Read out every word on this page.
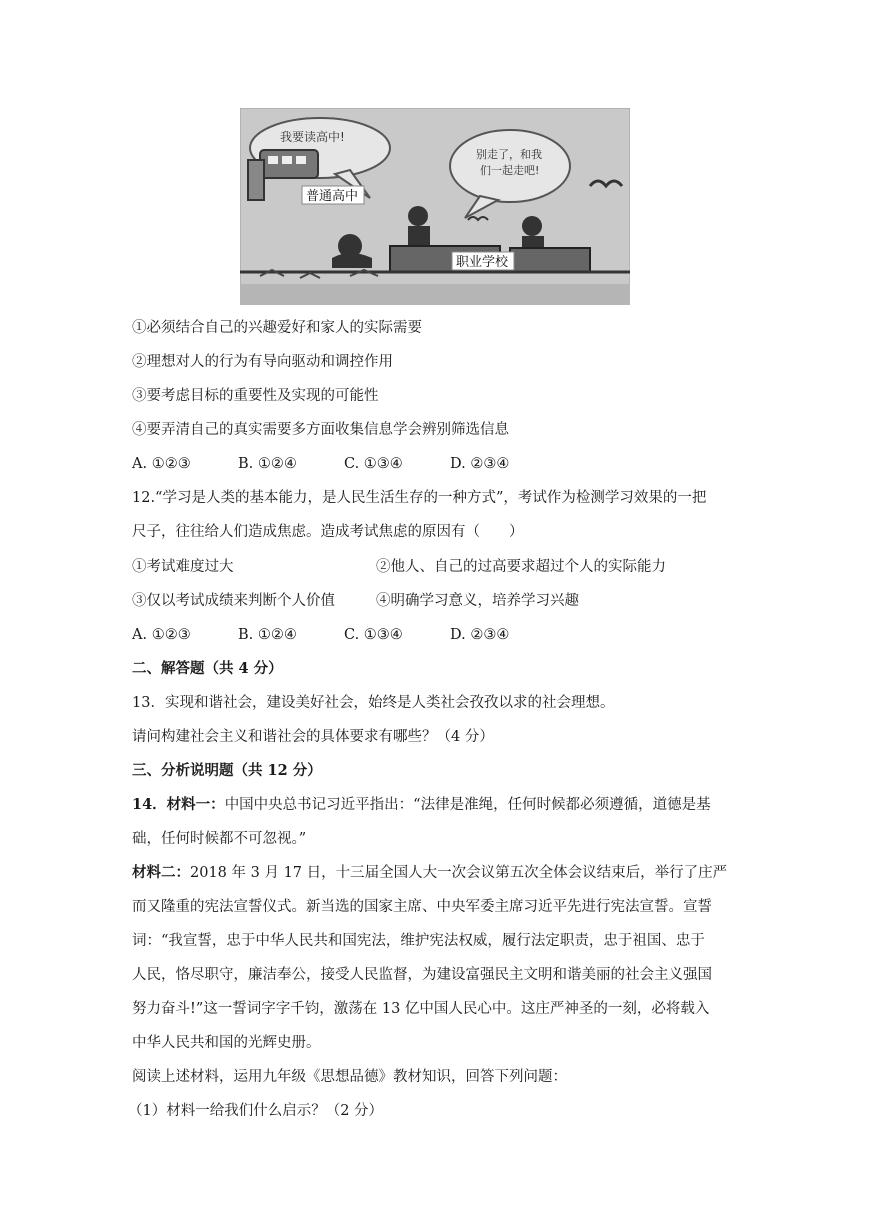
我要读高中!
普通高中
别走了，和我
们一起走吧!
职业学校
①必须结合自己的兴趣爱好和家人的实际需要
②理想对人的行为有导向驱动和调控作用
③要考虑目标的重要性及实现的可能性
④要弄清自己的真实需要多方面收集信息学会辨别筛选信息
A. ①②③	B. ①②④	C. ①③④	D. ②③④
12.“学习是人类的基本能力，是人民生活生存的一种方式”，考试作为检测学习效果的一把
尺子，往往给人们造成焦虑。造成考试焦虑的原因有（　　）
①考试难度过大	②他人、自己的过高要求超过个人的实际能力
③仅以考试成绩来判断个人价值	④明确学习意义，培养学习兴趣
A. ①②③	B. ①②④	C. ①③④	D. ②③④
二、解答题（共 4 分）
13．实现和谐社会，建设美好社会，始终是人类社会孜孜以求的社会理想。
请问构建社会主义和谐社会的具体要求有哪些？（4 分）
三、分析说明题（共 12 分）
14．材料一：中国中央总书记习近平指出：“法律是准绳，任何时候都必须遵循，道德是基
础，任何时候都不可忽视。”
材料二：2018 年 3 月 17 日，十三届全国人大一次会议第五次全体会议结束后，举行了庄严
而又隆重的宪法宣誓仪式。新当选的国家主席、中央军委主席习近平先进行宪法宣誓。宣誓
词：“我宣誓，忠于中华人民共和国宪法，维护宪法权威，履行法定职责，忠于祖国、忠于
人民，恪尽职守，廉洁奉公，接受人民监督，为建设富强民主文明和谐美丽的社会主义强国
努力奋斗!”这一誓词字字千钧，激荡在 13 亿中国人民心中。这庄严神圣的一刻，必将载入
中华人民共和国的光辉史册。
阅读上述材料，运用九年级《思想品德》教材知识，回答下列问题：
（1）材料一给我们什么启示？（2 分）
